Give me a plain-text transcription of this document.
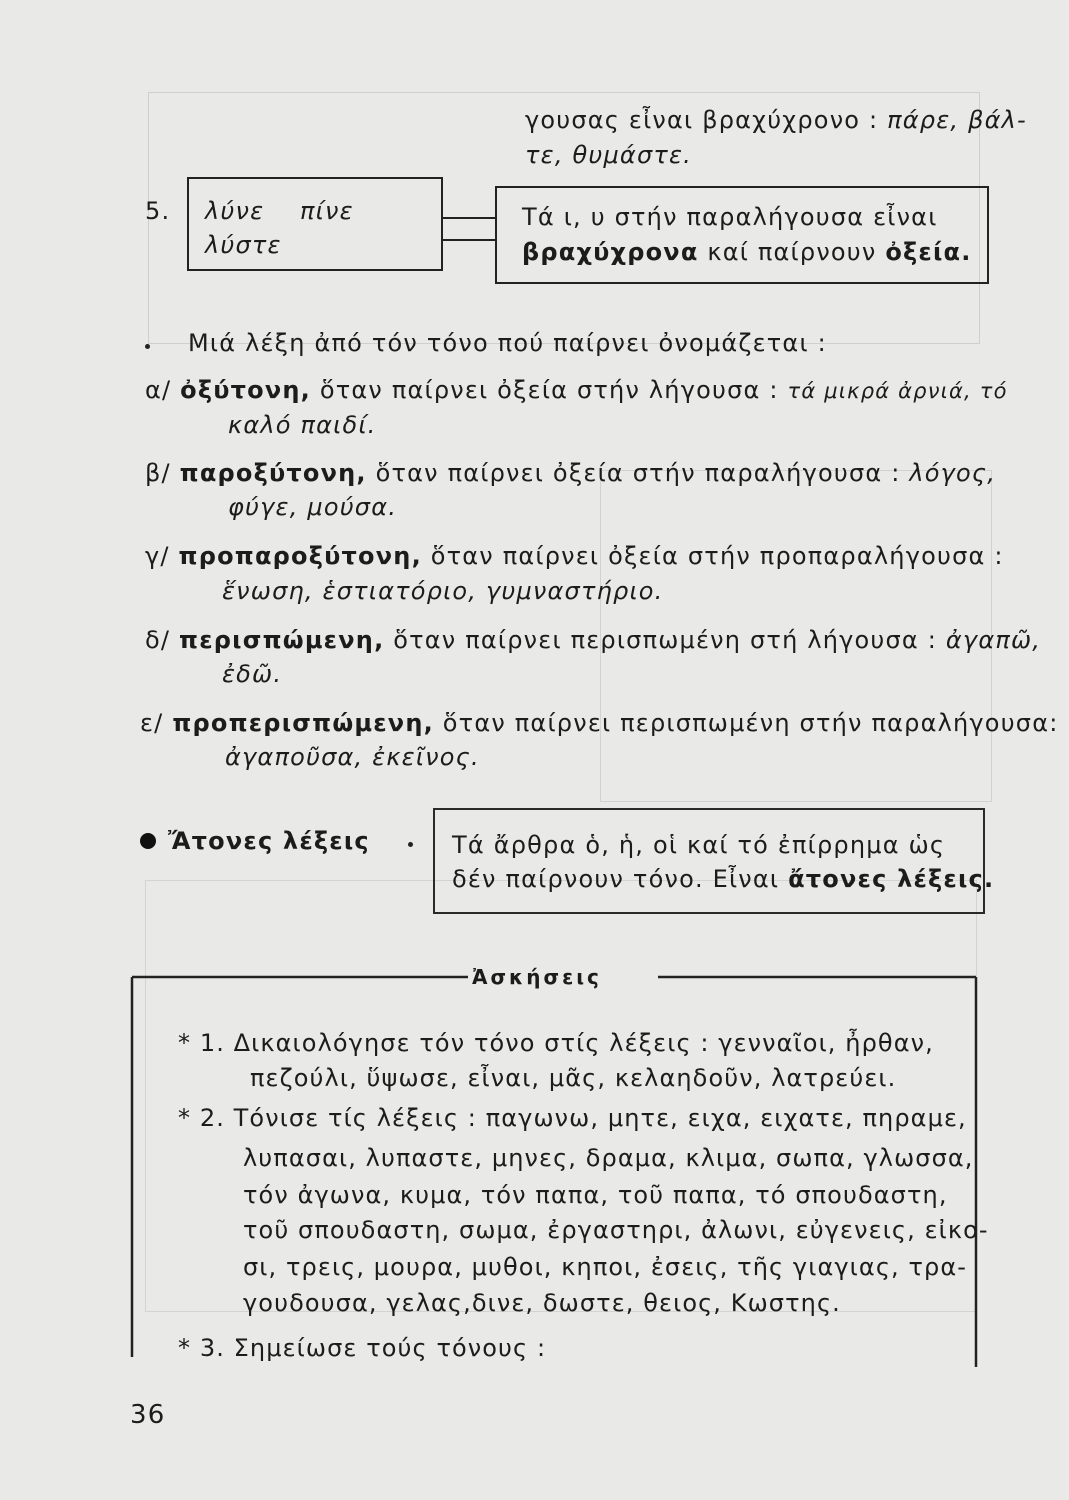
γουσας εἶναι βραχύχρονο : πάρε, βάλ-
τε, θυμάστε.
5. λύνε πίνε
λύστε
Τά ι, υ στήν παραλήγουσα εἶναι
βραχύχρονα καί παίρνουν ὀξεία.
Μιά λέξη ἀπό τόν τόνο πού παίρνει ὀνομάζεται :
α/ ὀξύτονη, ὅταν παίρνει ὀξεία στήν λήγουσα : τά μικρά ἀρνιά, τό
καλό παιδί.
β/ παροξύτονη, ὅταν παίρνει ὀξεία στήν παραλήγουσα : λόγος,
φύγε, μούσα.
γ/ προπαροξύτονη, ὅταν παίρνει ὀξεία στήν προπαραλήγουσα :
ἕνωση, ἑστιατόριο, γυμναστήριο.
δ/ περισπώμενη, ὅταν παίρνει περισπωμένη στή λήγουσα : ἀγαπῶ,
ἐδῶ.
ε/ προπερισπώμενη, ὅταν παίρνει περισπωμένη στήν παραλήγουσα:
ἀγαποῦσα, ἐκεῖνος.
Ἄτονες λέξεις	Τά ἄρθρα ὁ, ἡ, οἱ καί τό ἐπίρρημα ὡς
δέν παίρνουν τόνο. Εἶναι ἄτονες λέξεις.
Ἀσκήσεις
* 1. Δικαιολόγησε τόν τόνο στίς λέξεις : γενναῖοι, ἦρθαν,
πεζούλι, ὕψωσε, εἶναι, μᾶς, κελαηδοῦν, λατρεύει.
* 2. Τόνισε τίς λέξεις : παγωνω, μητε, ειχα, ειχατε, πηραμε,
λυπασαι, λυπαστε, μηνες, δραμα, κλιμα, σωπα, γλωσσα,
τόν ἀγωνα, κυμα, τόν παπα, τοῦ παπα, τό σπουδαστη,
τοῦ σπουδαστη, σωμα, ἐργαστηρι, ἀλωνι, εὐγενεις, εἰκο-
σι, τρεις, μουρα, μυθοι, κηποι, ἐσεις, τῆς γιαγιας, τρα-
γουδουσα, γελας,δινε, δωστε, θειος, Κωστης.
* 3. Σημείωσε τούς τόνους :
36
